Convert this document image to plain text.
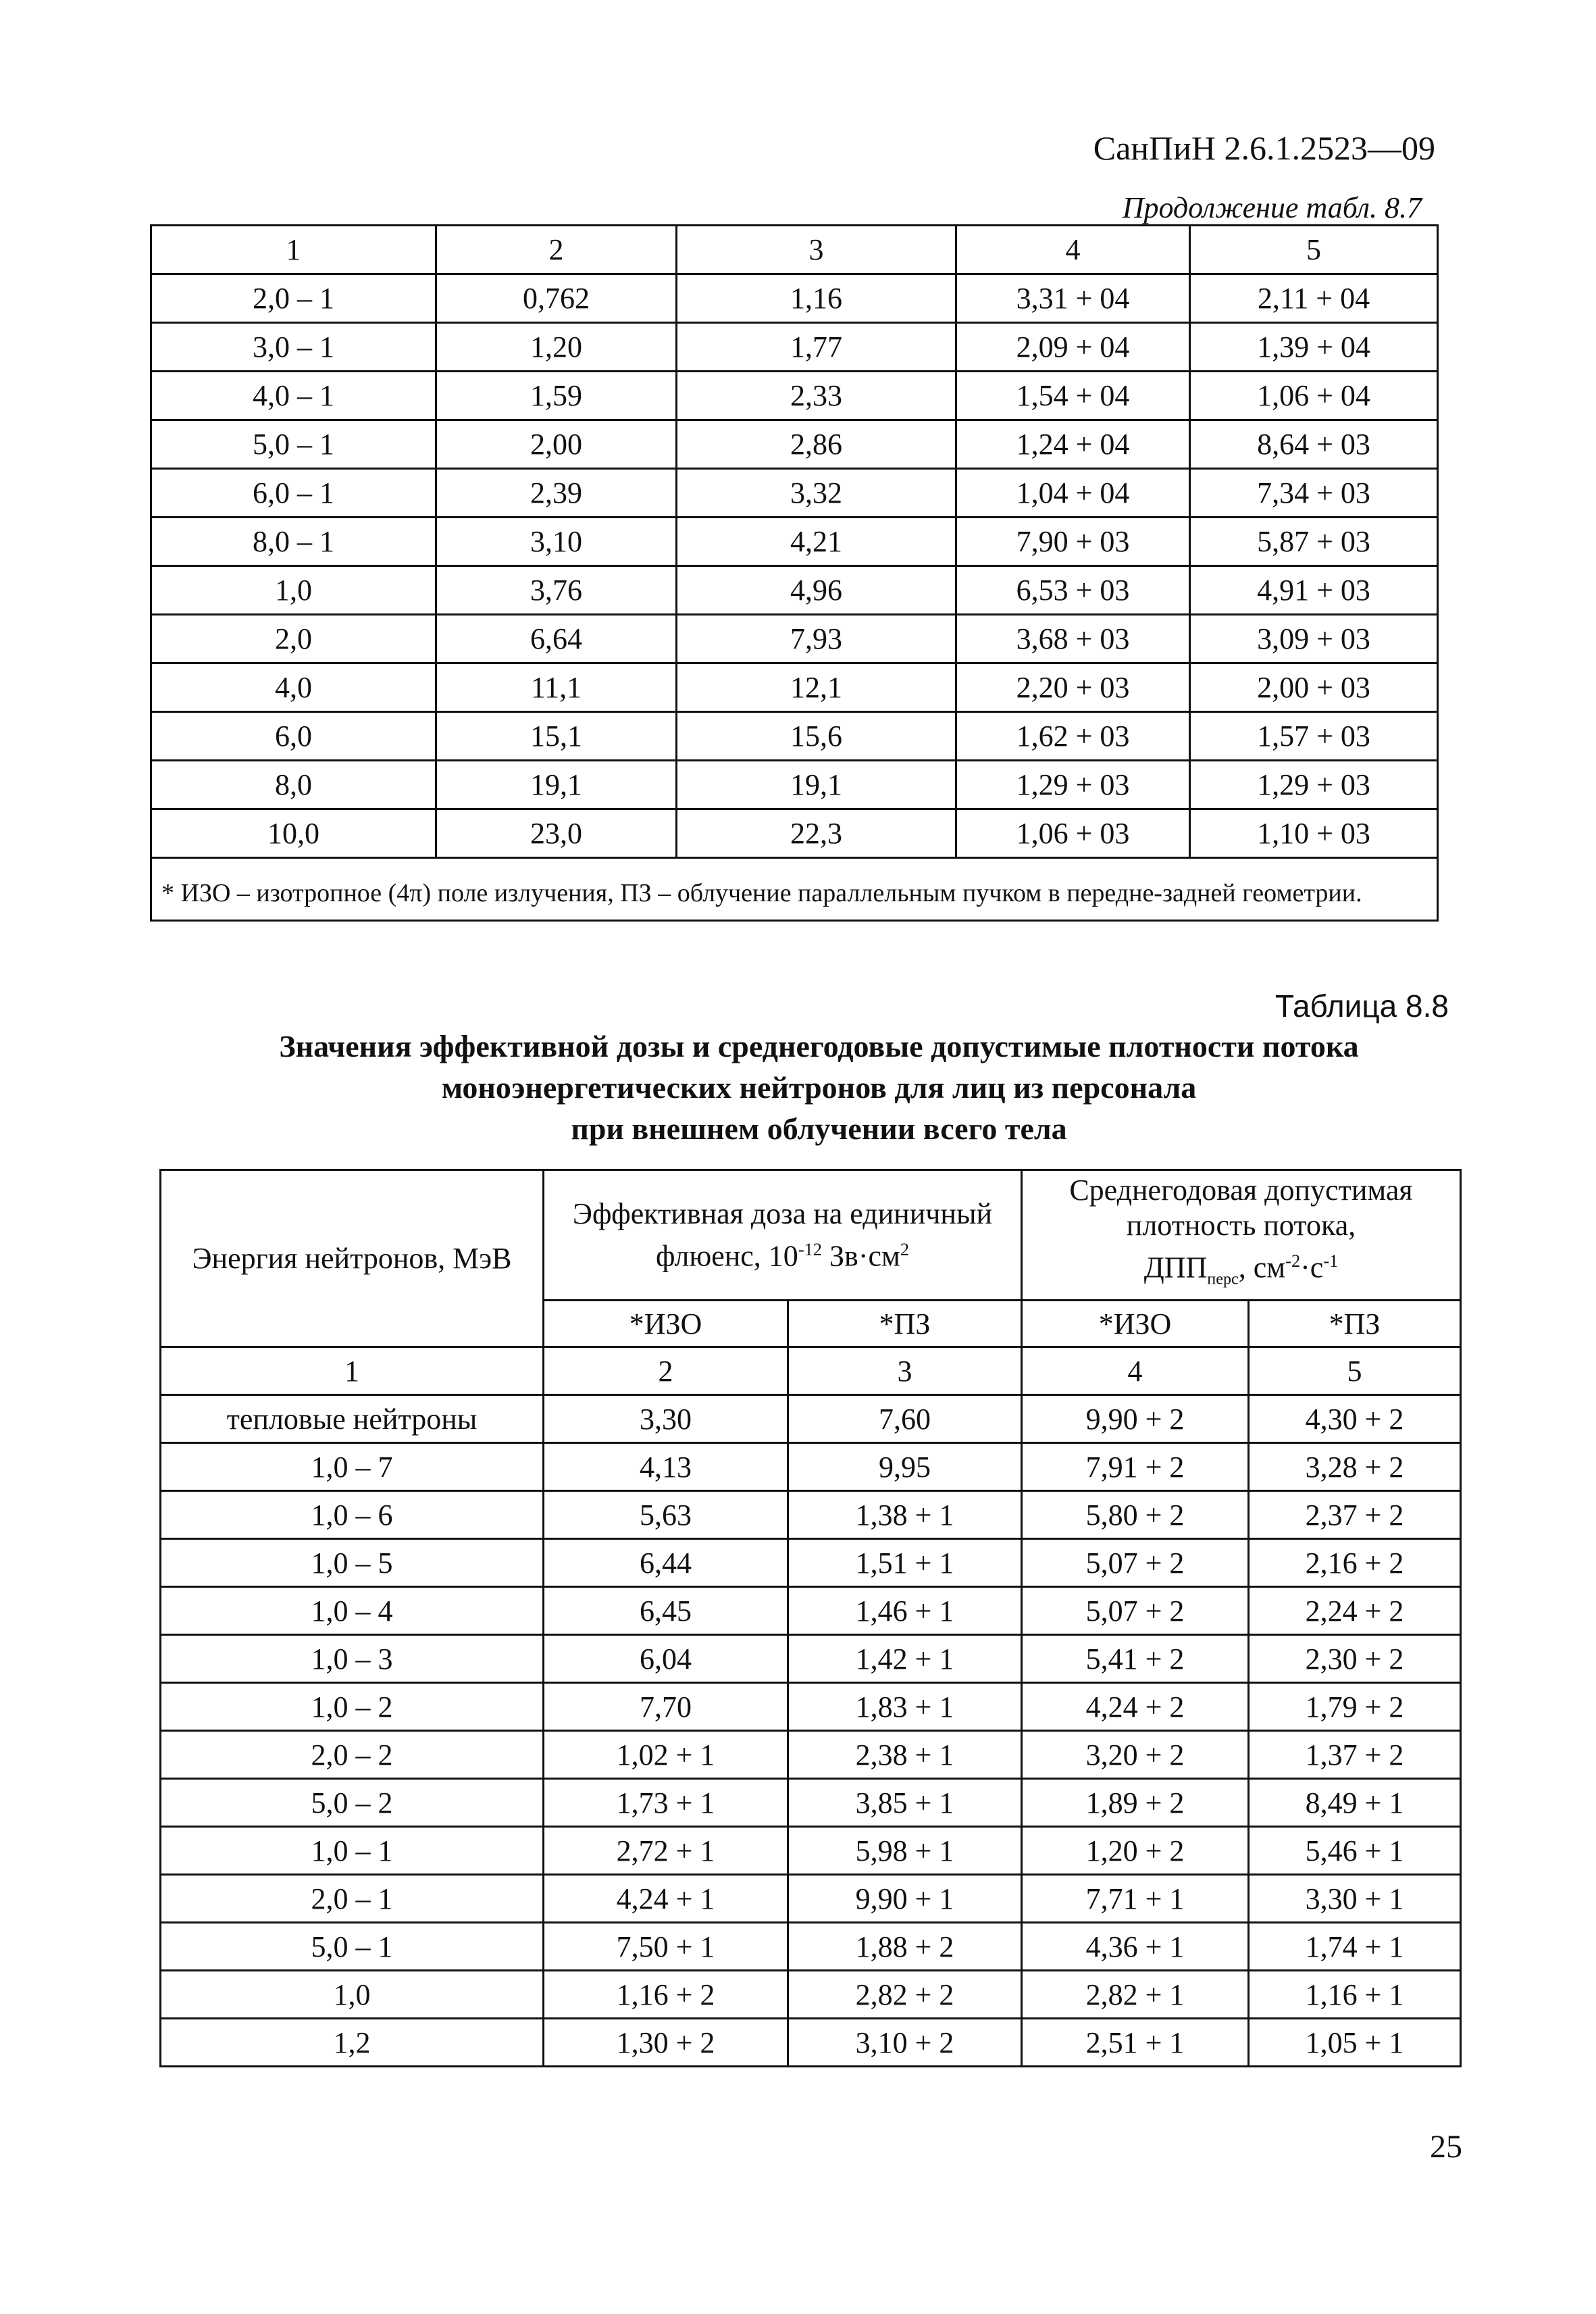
СанПиН 2.6.1.2523—09
Продолжение табл. 8.7
1	2	3	4	5
2,0 – 1	0,762	1,16	3,31 + 04	2,11 + 04
3,0 – 1	1,20	1,77	2,09 + 04	1,39 + 04
4,0 – 1	1,59	2,33	1,54 + 04	1,06 + 04
5,0 – 1	2,00	2,86	1,24 + 04	8,64 + 03
6,0 – 1	2,39	3,32	1,04 + 04	7,34 + 03
8,0 – 1	3,10	4,21	7,90 + 03	5,87 + 03
1,0	3,76	4,96	6,53 + 03	4,91 + 03
2,0	6,64	7,93	3,68 + 03	3,09 + 03
4,0	11,1	12,1	2,20 + 03	2,00 + 03
6,0	15,1	15,6	1,62 + 03	1,57 + 03
8,0	19,1	19,1	1,29 + 03	1,29 + 03
10,0	23,0	22,3	1,06 + 03	1,10 + 03
* ИЗО – изотропное (4π) поле излучения, ПЗ – облучение параллельным пучком в передне-задней геометрии.				
Таблица 8.8
Значения эффективной дозы и среднегодовые допустимые плотности потока
моноэнергетических нейтронов для лиц из персонала
при внешнем облучении всего тела
Энергия нейтронов, МэВ	Эффективная доза на единичный флюенс, $10^{-12}$ $Зв\cdot см^2$		Среднегодовая допустимая плотность потока,
$ДПП_{перс}$, $см^{-2}\cdot с^{-1}$
	*ИЗО	*ПЗ	*ИЗО	*ПЗ
1	2	3	4	5
тепловые нейтроны	3,30	7,60	9,90 + 2	4,30 + 2
1,0 – 7	4,13	9,95	7,91 + 2	3,28 + 2
1,0 – 6	5,63	1,38 + 1	5,80 + 2	2,37 + 2
1,0 – 5	6,44	1,51 + 1	5,07 + 2	2,16 + 2
1,0 – 4	6,45	1,46 + 1	5,07 + 2	2,24 + 2
1,0 – 3	6,04	1,42 + 1	5,41 + 2	2,30 + 2
1,0 – 2	7,70	1,83 + 1	4,24 + 2	1,79 + 2
2,0 – 2	1,02 + 1	2,38 + 1	3,20 + 2	1,37 + 2
5,0 – 2	1,73 + 1	3,85 + 1	1,89 + 2	8,49 + 1
1,0 – 1	2,72 + 1	5,98 + 1	1,20 + 2	5,46 + 1
2,0 – 1	4,24 + 1	9,90 + 1	7,71 + 1	3,30 + 1
5,0 – 1	7,50 + 1	1,88 + 2	4,36 + 1	1,74 + 1
1,0	1,16 + 2	2,82 + 2	2,82 + 1	1,16 + 1
1,2	1,30 + 2	3,10 + 2	2,51 + 1	1,05 + 1
25
